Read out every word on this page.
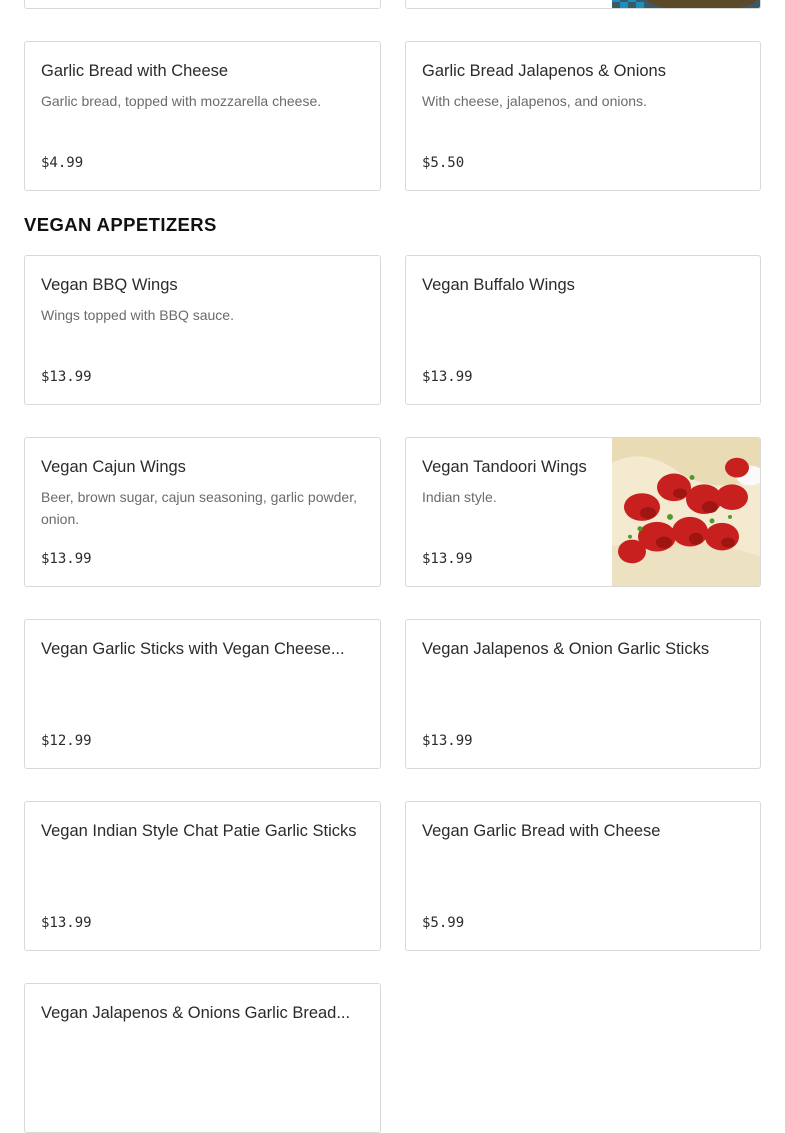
Garlic Bread with Cheese
Garlic bread, topped with mozzarella cheese.
$4.99
Garlic Bread Jalapenos & Onions
With cheese, jalapenos, and onions.
$5.50
VEGAN APPETIZERS
Vegan BBQ Wings
Wings topped with BBQ sauce.
$13.99
Vegan Buffalo Wings
$13.99
Vegan Cajun Wings
Beer, brown sugar, cajun seasoning, garlic powder, onion.
$13.99
Vegan Tandoori Wings
Indian style.
$13.99
Vegan Garlic Sticks with Vegan Cheese...
$12.99
Vegan Jalapenos & Onion Garlic Sticks
$13.99
Vegan Indian Style Chat Patie Garlic Sticks
$13.99
Vegan Garlic Bread with Cheese
$5.99
Vegan Jalapenos & Onions Garlic Bread...
